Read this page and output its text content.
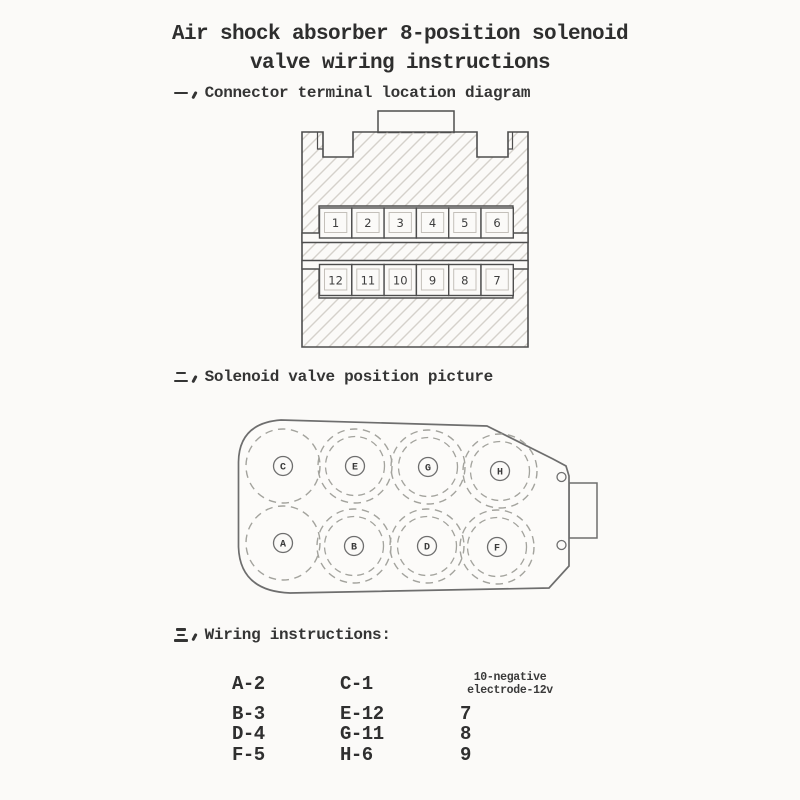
Air shock absorber 8-position solenoid
valve wiring instructions
Connector terminal location diagram
1 2 3 4 5 6
12 11 10 9 8 7
Solenoid valve position picture
C	E	G	H
A	B	D	F
Wiring instructions:
A-2	C-1	10-negative
electrode-12v
B-3	E-12	7
D-4	G-11	8
F-5	H-6	9
